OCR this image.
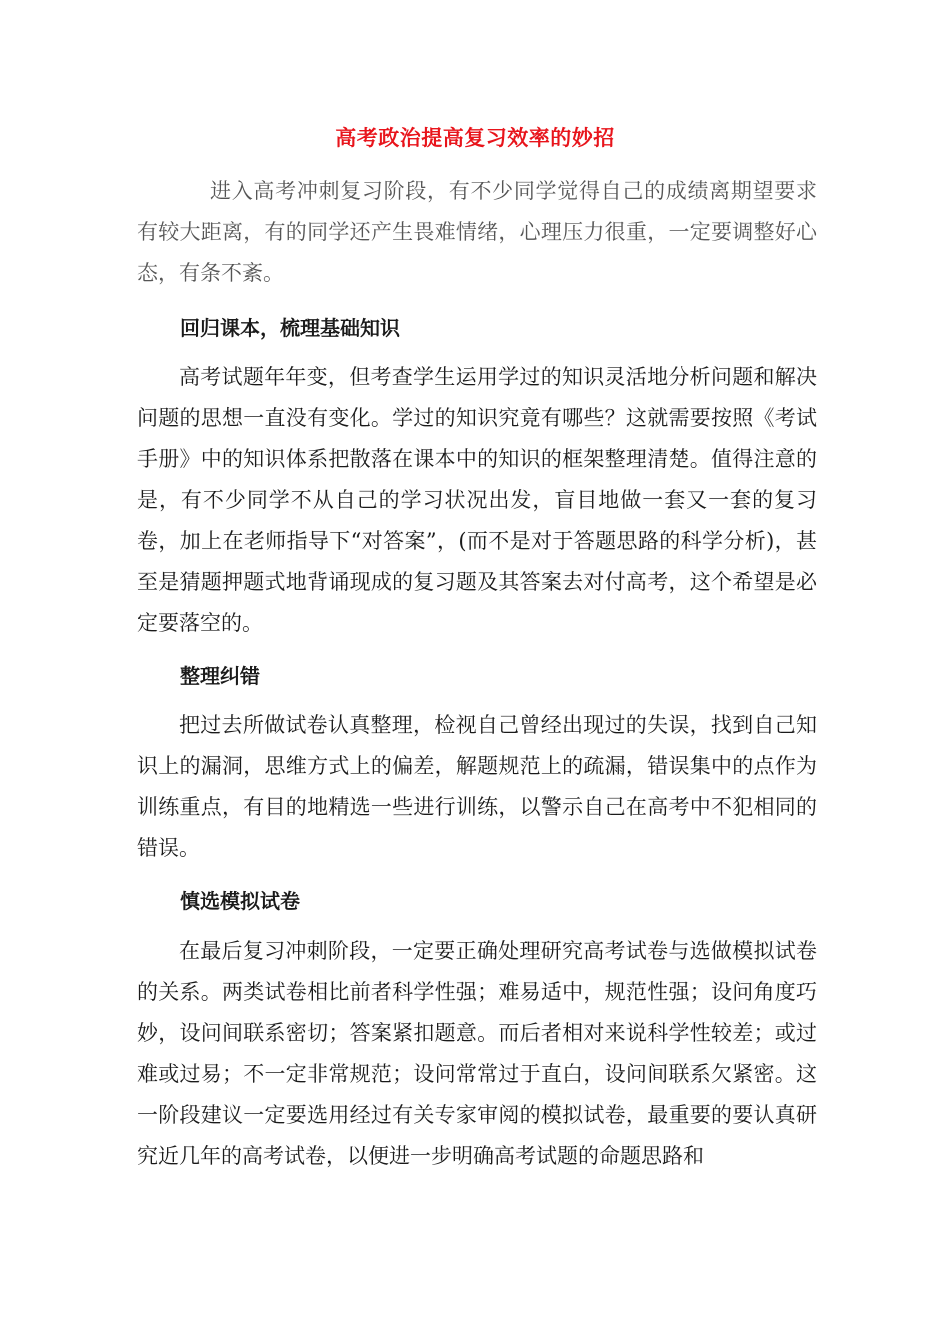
高考政治提高复习效率的妙招

进入高考冲刺复习阶段，有不少同学觉得自己的成绩离期望要求有较大距离，有的同学还产生畏难情绪，心理压力很重，一定要调整好心态，有条不紊。

回归课本，梳理基础知识

高考试题年年变，但考查学生运用学过的知识灵活地分析问题和解决问题的思想一直没有变化。学过的知识究竟有哪些？这就需要按照《考试手册》中的知识体系把散落在课本中的知识的框架整理清楚。值得注意的是，有不少同学不从自己的学习状况出发，盲目地做一套又一套的复习卷，加上在老师指导下“对答案”，(而不是对于答题思路的科学分析)，甚至是猜题押题式地背诵现成的复习题及其答案去对付高考，这个希望是必定要落空的。

整理纠错

把过去所做试卷认真整理，检视自己曾经出现过的失误，找到自己知识上的漏洞，思维方式上的偏差，解题规范上的疏漏，错误集中的点作为训练重点，有目的地精选一些进行训练，以警示自己在高考中不犯相同的错误。

慎选模拟试卷

在最后复习冲刺阶段，一定要正确处理研究高考试卷与选做模拟试卷的关系。两类试卷相比前者科学性强；难易适中，规范性强；设问角度巧妙，设问间联系密切；答案紧扣题意。而后者相对来说科学性较差；或过难或过易；不一定非常规范；设问常常过于直白，设问间联系欠紧密。这一阶段建议一定要选用经过有关专家审阅的模拟试卷，最重要的要认真研究近几年的高考试卷，以便进一步明确高考试题的命题思路和
